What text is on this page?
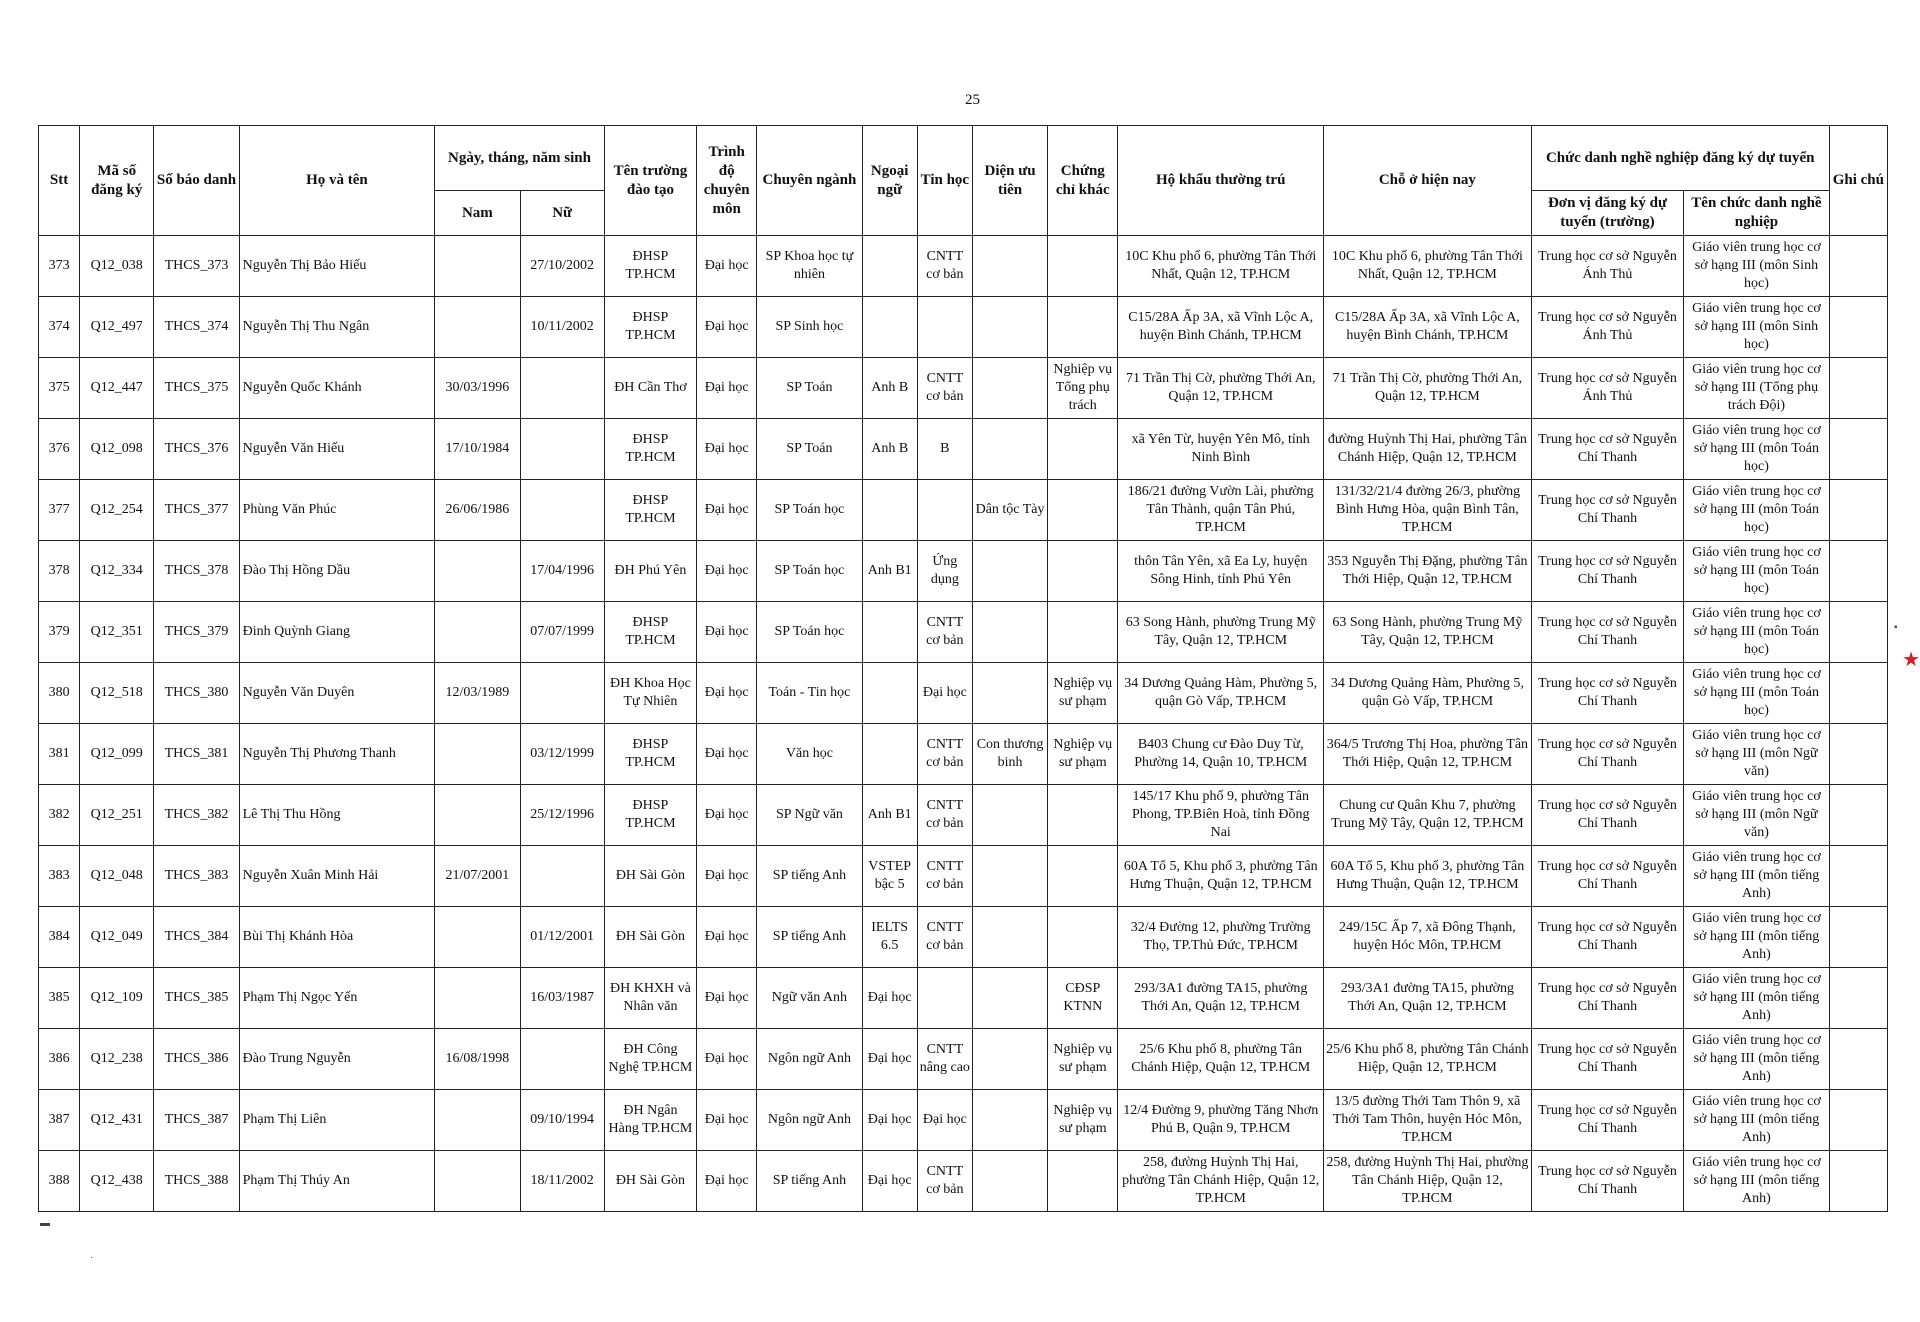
25
Stt	Mã số đăng ký	Số báo danh	Họ và tên	Ngày, tháng, năm sinh		Tên trường đào tạo	Trình độ chuyên môn	Chuyên ngành	Ngoại ngữ	Tin học	Diện ưu tiên	Chứng chỉ khác	Hộ khẩu thường trú	Chỗ ở hiện nay	Chức danh nghề nghiệp đăng ký dự tuyển		Ghi chú
				Nam	Nữ										Đơn vị đăng ký dự tuyển (trường)	Tên chức danh nghề nghiệp	
373	Q12_038	THCS_373	Nguyễn Thị Bảo Hiếu		27/10/2002	ĐHSP TP.HCM	Đại học	SP Khoa học tự nhiên		CNTT cơ bản			10C Khu phố 6, phường Tân Thới Nhất, Quận 12, TP.HCM	10C Khu phố 6, phường Tân Thới Nhất, Quận 12, TP.HCM	Trung học cơ sở Nguyễn Ánh Thủ	Giáo viên trung học cơ sở hạng III (môn Sinh học)	
374	Q12_497	THCS_374	Nguyễn Thị Thu Ngân		10/11/2002	ĐHSP TP.HCM	Đại học	SP Sinh học					C15/28A Ấp 3A, xã Vĩnh Lộc A, huyện Bình Chánh, TP.HCM	C15/28A Ấp 3A, xã Vĩnh Lộc A, huyện Bình Chánh, TP.HCM	Trung học cơ sở Nguyễn Ánh Thủ	Giáo viên trung học cơ sở hạng III (môn Sinh học)	
375	Q12_447	THCS_375	Nguyễn Quốc Khánh	30/03/1996		ĐH Cần Thơ	Đại học	SP Toán	Anh B	CNTT cơ bản		Nghiệp vụ Tổng phụ trách	71 Trần Thị Cờ, phường Thới An, Quận 12, TP.HCM	71 Trần Thị Cờ, phường Thới An, Quận 12, TP.HCM	Trung học cơ sở Nguyễn Ánh Thủ	Giáo viên trung học cơ sở hạng III (Tổng phụ trách Đội)	
376	Q12_098	THCS_376	Nguyễn Văn Hiếu	17/10/1984		ĐHSP TP.HCM	Đại học	SP Toán	Anh B	B			xã Yên Từ, huyện Yên Mô, tỉnh Ninh Bình	đường Huỳnh Thị Hai, phường Tân Chánh Hiệp, Quận 12, TP.HCM	Trung học cơ sở Nguyễn Chí Thanh	Giáo viên trung học cơ sở hạng III (môn Toán học)	
377	Q12_254	THCS_377	Phùng Văn Phúc	26/06/1986		ĐHSP TP.HCM	Đại học	SP Toán học			Dân tộc Tày		186/21 đường Vườn Lài, phường Tân Thành, quận Tân Phú, TP.HCM	131/32/21/4 đường 26/3, phường Bình Hưng Hòa, quận Bình Tân, TP.HCM	Trung học cơ sở Nguyễn Chí Thanh	Giáo viên trung học cơ sở hạng III (môn Toán học)	
378	Q12_334	THCS_378	Đào Thị Hồng Dầu		17/04/1996	ĐH Phú Yên	Đại học	SP Toán học	Anh B1	Ứng dụng			thôn Tân Yên, xã Ea Ly, huyện Sông Hinh, tỉnh Phú Yên	353 Nguyễn Thị Đặng, phường Tân Thới Hiệp, Quận 12, TP.HCM	Trung học cơ sở Nguyễn Chí Thanh	Giáo viên trung học cơ sở hạng III (môn Toán học)	
379	Q12_351	THCS_379	Đinh Quỳnh Giang		07/07/1999	ĐHSP TP.HCM	Đại học	SP Toán học		CNTT cơ bản			63 Song Hành, phường Trung Mỹ Tây, Quận 12, TP.HCM	63 Song Hành, phường Trung Mỹ Tây, Quận 12, TP.HCM	Trung học cơ sở Nguyễn Chí Thanh	Giáo viên trung học cơ sở hạng III (môn Toán học)	
380	Q12_518	THCS_380	Nguyễn Văn Duyên	12/03/1989		ĐH Khoa Học Tự Nhiên	Đại học	Toán - Tin học		Đại học		Nghiệp vụ sư phạm	34 Dương Quảng Hàm, Phường 5, quận Gò Vấp, TP.HCM	34 Dương Quảng Hàm, Phường 5, quận Gò Vấp, TP.HCM	Trung học cơ sở Nguyễn Chí Thanh	Giáo viên trung học cơ sở hạng III (môn Toán học)	
381	Q12_099	THCS_381	Nguyễn Thị Phương Thanh		03/12/1999	ĐHSP TP.HCM	Đại học	Văn học		CNTT cơ bản	Con thương binh	Nghiệp vụ sư phạm	B403 Chung cư Đào Duy Từ, Phường 14, Quận 10, TP.HCM	364/5 Trương Thị Hoa, phường Tân Thới Hiệp, Quận 12, TP.HCM	Trung học cơ sở Nguyễn Chí Thanh	Giáo viên trung học cơ sở hạng III (môn Ngữ văn)	
382	Q12_251	THCS_382	Lê Thị Thu Hồng		25/12/1996	ĐHSP TP.HCM	Đại học	SP Ngữ văn	Anh B1	CNTT cơ bản			145/17 Khu phố 9, phường Tân Phong, TP.Biên Hoà, tỉnh Đồng Nai	Chung cư Quân Khu 7, phường Trung Mỹ Tây, Quận 12, TP.HCM	Trung học cơ sở Nguyễn Chí Thanh	Giáo viên trung học cơ sở hạng III (môn Ngữ văn)	
383	Q12_048	THCS_383	Nguyễn Xuân Minh Hải	21/07/2001		ĐH Sài Gòn	Đại học	SP tiếng Anh	VSTEP bậc 5	CNTT cơ bản			60A Tổ 5, Khu phố 3, phường Tân Hưng Thuận, Quận 12, TP.HCM	60A Tổ 5, Khu phố 3, phường Tân Hưng Thuận, Quận 12, TP.HCM	Trung học cơ sở Nguyễn Chí Thanh	Giáo viên trung học cơ sở hạng III (môn tiếng Anh)	
384	Q12_049	THCS_384	Bùi Thị Khánh Hòa		01/12/2001	ĐH Sài Gòn	Đại học	SP tiếng Anh	IELTS 6.5	CNTT cơ bản			32/4 Đường 12, phường Trường Thọ, TP.Thủ Đức, TP.HCM	249/15C Ấp 7, xã Đông Thạnh, huyện Hóc Môn, TP.HCM	Trung học cơ sở Nguyễn Chí Thanh	Giáo viên trung học cơ sở hạng III (môn tiếng Anh)	
385	Q12_109	THCS_385	Phạm Thị Ngọc Yến		16/03/1987	ĐH KHXH và Nhân văn	Đại học	Ngữ văn Anh	Đại học			CĐSP KTNN	293/3A1 đường TA15, phường Thới An, Quận 12, TP.HCM	293/3A1 đường TA15, phường Thới An, Quận 12, TP.HCM	Trung học cơ sở Nguyễn Chí Thanh	Giáo viên trung học cơ sở hạng III (môn tiếng Anh)	
386	Q12_238	THCS_386	Đào Trung Nguyễn	16/08/1998		ĐH Công Nghệ TP.HCM	Đại học	Ngôn ngữ Anh	Đại học	CNTT nâng cao		Nghiệp vụ sư phạm	25/6 Khu phố 8, phường Tân Chánh Hiệp, Quận 12, TP.HCM	25/6 Khu phố 8, phường Tân Chánh Hiệp, Quận 12, TP.HCM	Trung học cơ sở Nguyễn Chí Thanh	Giáo viên trung học cơ sở hạng III (môn tiếng Anh)	
387	Q12_431	THCS_387	Phạm Thị Liên		09/10/1994	ĐH Ngân Hàng TP.HCM	Đại học	Ngôn ngữ Anh	Đại học	Đại học		Nghiệp vụ sư phạm	12/4 Đường 9, phường Tăng Nhơn Phú B, Quận 9, TP.HCM	13/5 đường Thới Tam Thôn 9, xã Thới Tam Thôn, huyện Hóc Môn, TP.HCM	Trung học cơ sở Nguyễn Chí Thanh	Giáo viên trung học cơ sở hạng III (môn tiếng Anh)	
388	Q12_438	THCS_388	Phạm Thị Thúy An		18/11/2002	ĐH Sài Gòn	Đại học	SP tiếng Anh	Đại học	CNTT cơ bản			258, đường Huỳnh Thị Hai, phường Tân Chánh Hiệp, Quận 12, TP.HCM	258, đường Huỳnh Thị Hai, phường Tân Chánh Hiệp, Quận 12, TP.HCM	Trung học cơ sở Nguyễn Chí Thanh	Giáo viên trung học cơ sở hạng III (môn tiếng Anh)	
▬
·
▪
★
